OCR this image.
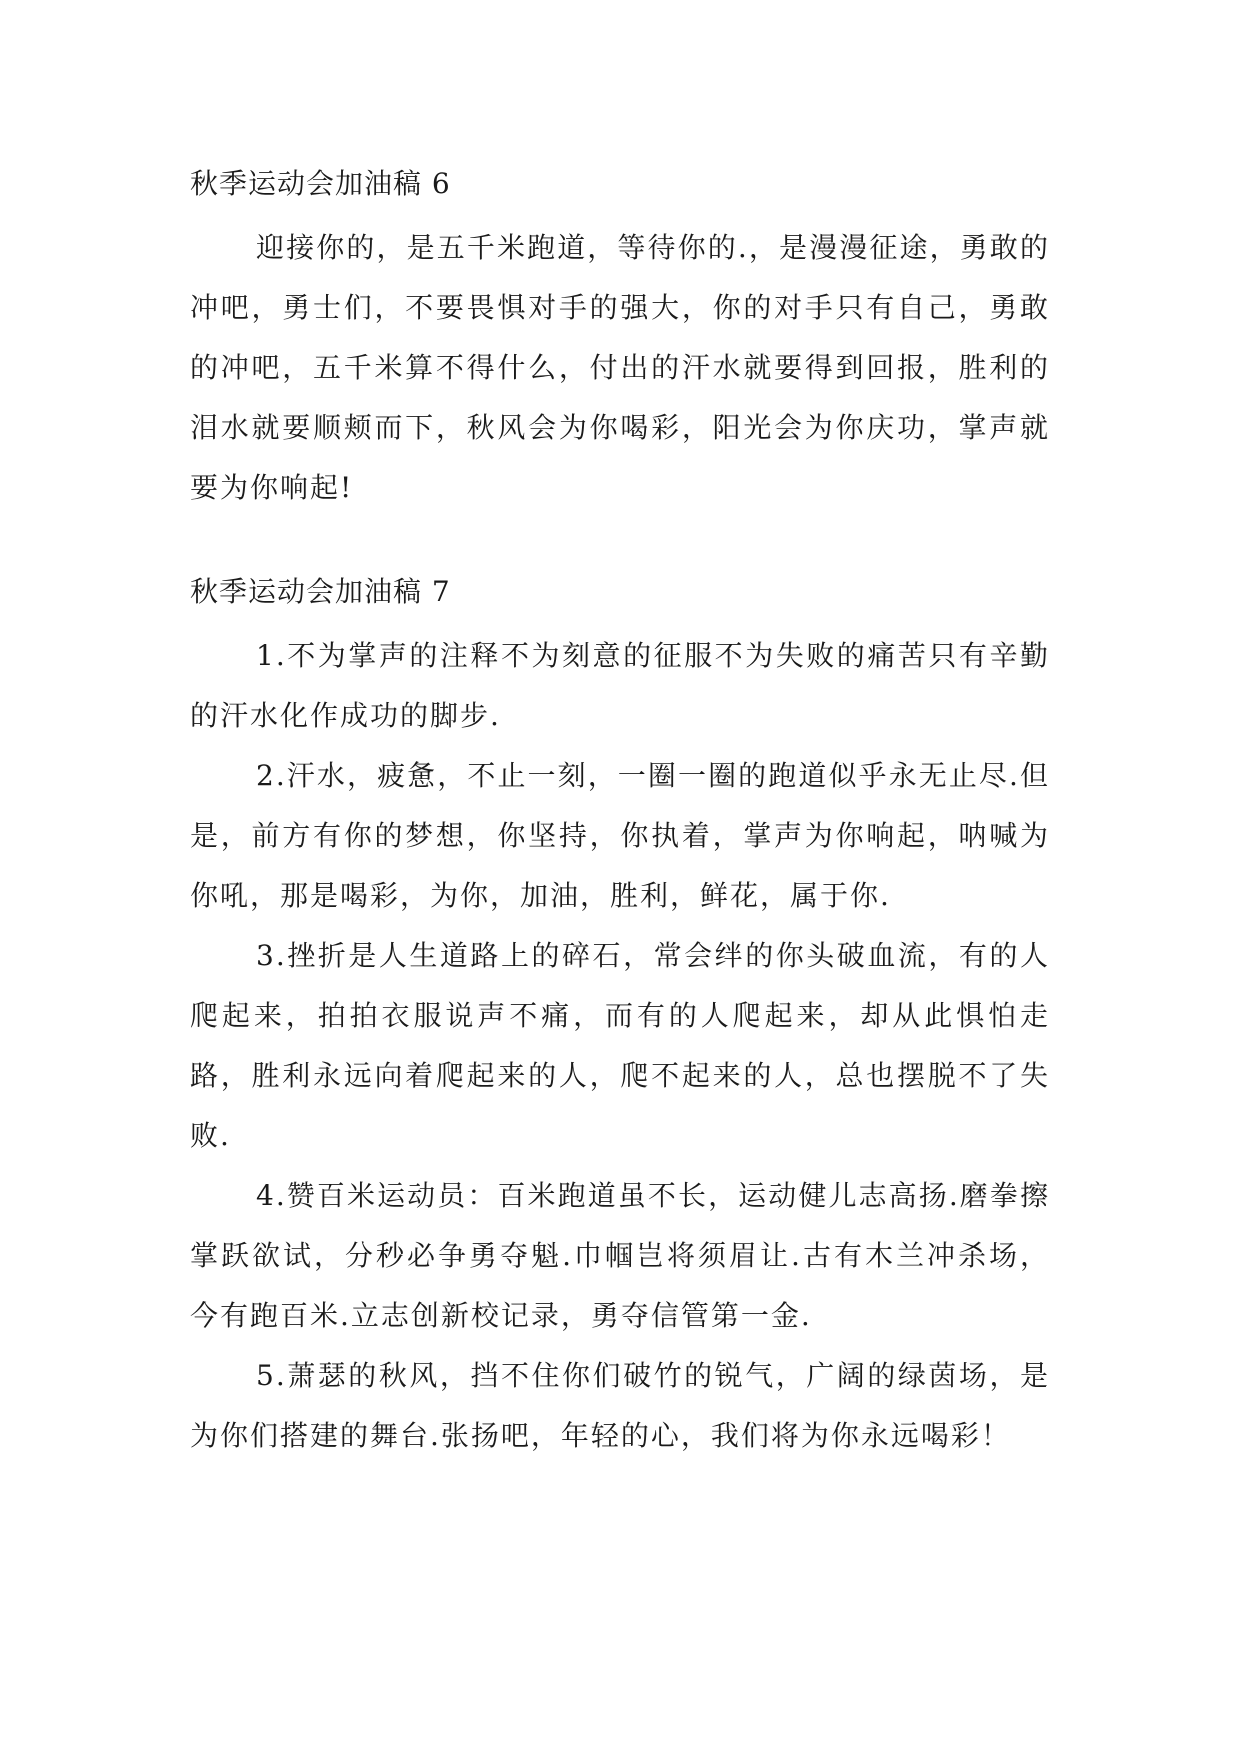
秋季运动会加油稿 6

迎接你的，是五千米跑道，等待你的.，是漫漫征途，勇敢的冲吧，勇士们，不要畏惧对手的强大，你的对手只有自己，勇敢的冲吧，五千米算不得什么，付出的汗水就要得到回报，胜利的泪水就要顺颊而下，秋风会为你喝彩，阳光会为你庆功，掌声就要为你响起!

秋季运动会加油稿 7

1.不为掌声的注释不为刻意的征服不为失败的痛苦只有辛勤的汗水化作成功的脚步.

2.汗水，疲惫，不止一刻，一圈一圈的跑道似乎永无止尽.但是，前方有你的梦想，你坚持，你执着，掌声为你响起，呐喊为你吼，那是喝彩，为你，加油，胜利，鲜花，属于你.

3.挫折是人生道路上的碎石，常会绊的你头破血流，有的人爬起来，拍拍衣服说声不痛，而有的人爬起来，却从此惧怕走路，胜利永远向着爬起来的人，爬不起来的人，总也摆脱不了失败.

4.赞百米运动员：百米跑道虽不长，运动健儿志高扬.磨拳擦掌跃欲试，分秒必争勇夺魁.巾帼岂将须眉让.古有木兰冲杀场，今有跑百米.立志创新校记录，勇夺信管第一金.

5.萧瑟的秋风，挡不住你们破竹的锐气，广阔的绿茵场，是为你们搭建的舞台.张扬吧，年轻的心，我们将为你永远喝彩！
